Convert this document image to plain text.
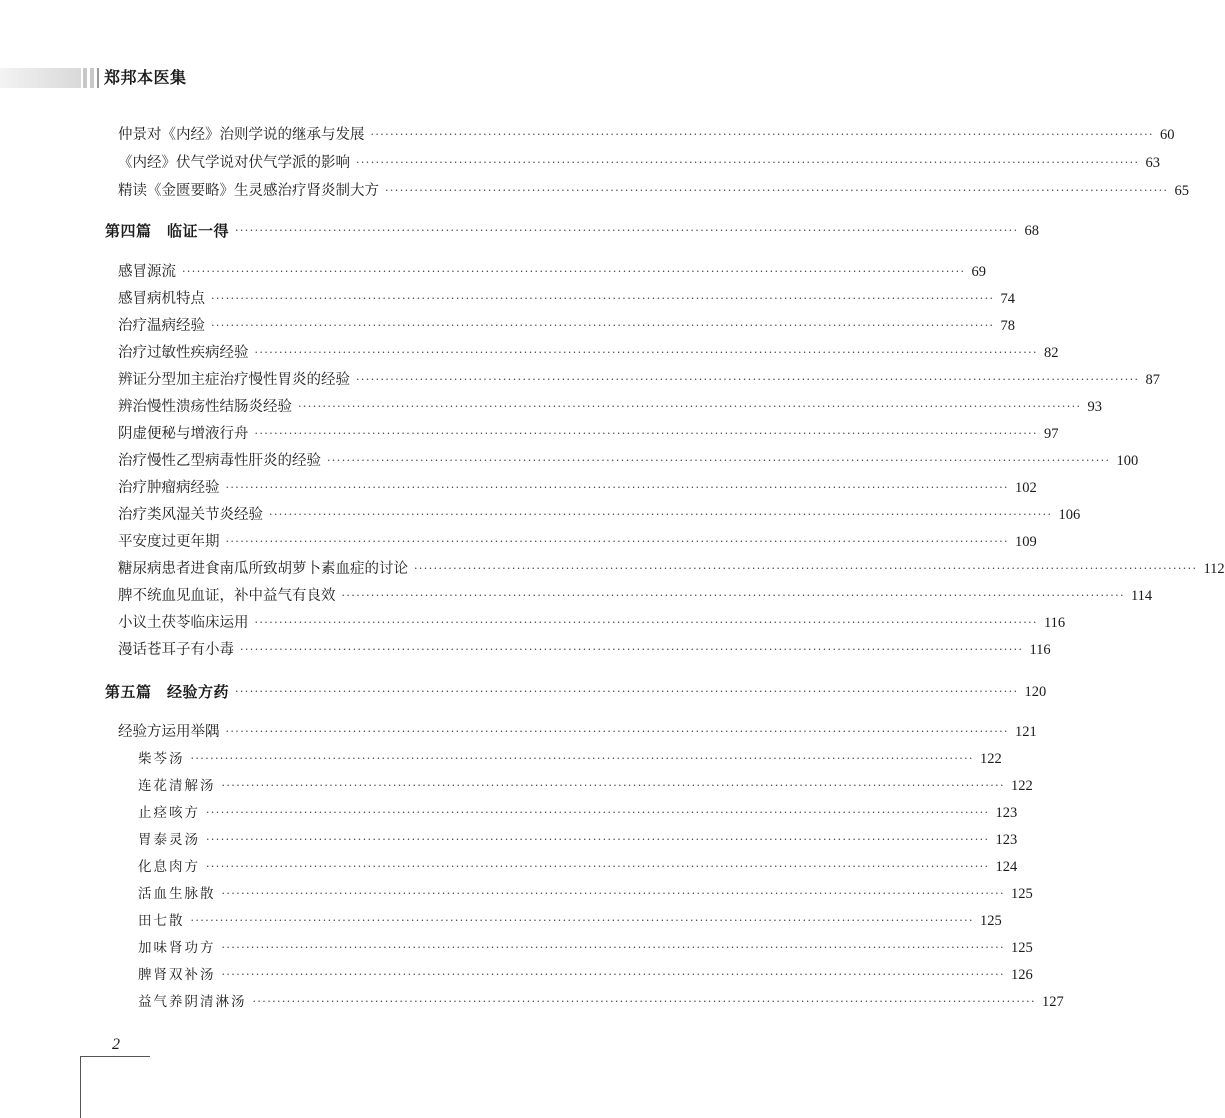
郑邦本医集
仲景对《内经》治则学说的继承与发展 ································································································································································ 60
《内经》伏气学说对伏气学派的影响 ································································································································································ 63
精读《金匮要略》生灵感治疗肾炎制大方 ································································································································································ 65
第四篇　临证一得 ································································································································································ 68
感冒源流 ································································································································································ 69
感冒病机特点 ································································································································································ 74
治疗温病经验 ································································································································································ 78
治疗过敏性疾病经验 ································································································································································ 82
辨证分型加主症治疗慢性胃炎的经验 ································································································································································ 87
辨治慢性溃疡性结肠炎经验 ································································································································································ 93
阴虚便秘与增液行舟 ································································································································································ 97
治疗慢性乙型病毒性肝炎的经验 ································································································································································ 100
治疗肿瘤病经验 ································································································································································ 102
治疗类风湿关节炎经验 ································································································································································ 106
平安度过更年期 ································································································································································ 109
糖尿病患者进食南瓜所致胡萝卜素血症的讨论 ································································································································································ 112
脾不统血见血证，补中益气有良效 ································································································································································ 114
小议土茯苓临床运用 ································································································································································ 116
漫话苍耳子有小毒 ································································································································································ 116
第五篇　经验方药 ································································································································································ 120
经验方运用举隅 ································································································································································ 121
柴芩汤 ································································································································································ 122
连花清解汤 ································································································································································ 122
止痉咳方 ································································································································································ 123
胃泰灵汤 ································································································································································ 123
化息肉方 ································································································································································ 124
活血生脉散 ································································································································································ 125
田七散 ································································································································································ 125
加味肾功方 ································································································································································ 125
脾肾双补汤 ································································································································································ 126
益气养阴清淋汤 ································································································································································ 127
2
